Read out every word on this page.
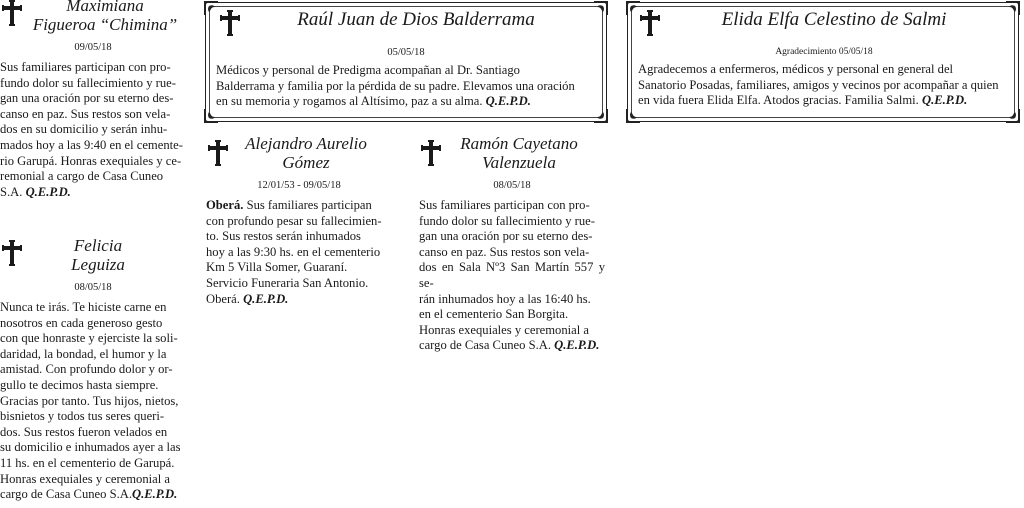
Maximiana

Figueroa “Chimina”

09/05/18

Sus familiares participan con pro-
fundo dolor su fallecimiento y rue-
gan una oración por su eterno des-
canso en paz. Sus restos son vela-
dos en su domicilio y serán inhu-
mados hoy a las 9:40 en el cemente-
rio Garupá. Honras exequiales y ce-
remonial a cargo de Casa Cuneo
S.A. Q.E.P.D.

Felicia

Leguiza

08/05/18

Nunca te irás. Te hiciste carne en
nosotros en cada generoso gesto
con que honraste y ejerciste la soli-
daridad, la bondad, el humor y la
amistad. Con profundo dolor y or-
gullo te decimos hasta siempre.
Gracias por tanto. Tus hijos, nietos,
bisnietos y todos tus seres queri-
dos. Sus restos fueron velados en
su domicilio e inhumados ayer a las
11 hs. en el cementerio de Garupá.
Honras exequiales y ceremonial a
cargo de Casa Cuneo S.A.Q.E.P.D.

Raúl Juan de Dios Balderrama

05/05/18

Médicos y personal de Predigma acompañan al Dr. Santiago
Balderrama y familia por la pérdida de su padre. Elevamos una oración
en su memoria y rogamos al Altísimo, paz a su alma. Q.E.P.D.

Elida Elfa Celestino de Salmi

Agradecimiento 05/05/18

Agradecemos a enfermeros, médicos y personal en general del
Sanatorio Posadas, familiares, amigos y vecinos por acompañar a quien
en vida fuera Elida Elfa. Atodos gracias. Familia Salmi. Q.E.P.D.

Alejandro Aurelio

Gómez

12/01/53 - 09/05/18

Oberá. Sus familiares participan
con profundo pesar su fallecimien-
to. Sus restos serán inhumados
hoy a las 9:30 hs. en el cementerio
Km 5 Villa Somer, Guaraní.
Servicio Funeraria San Antonio.
Oberá. Q.E.P.D.

Ramón Cayetano

Valenzuela

08/05/18

Sus familiares participan con pro-
fundo dolor su fallecimiento y rue-
gan una oración por su eterno des-
canso en paz. Sus restos son vela-
dos en Sala Nº3 San Martín 557 y se-
rán inhumados hoy a las 16:40 hs.
en el cementerio San Borgita.
Honras exequiales y ceremonial a
cargo de Casa Cuneo S.A. Q.E.P.D.
